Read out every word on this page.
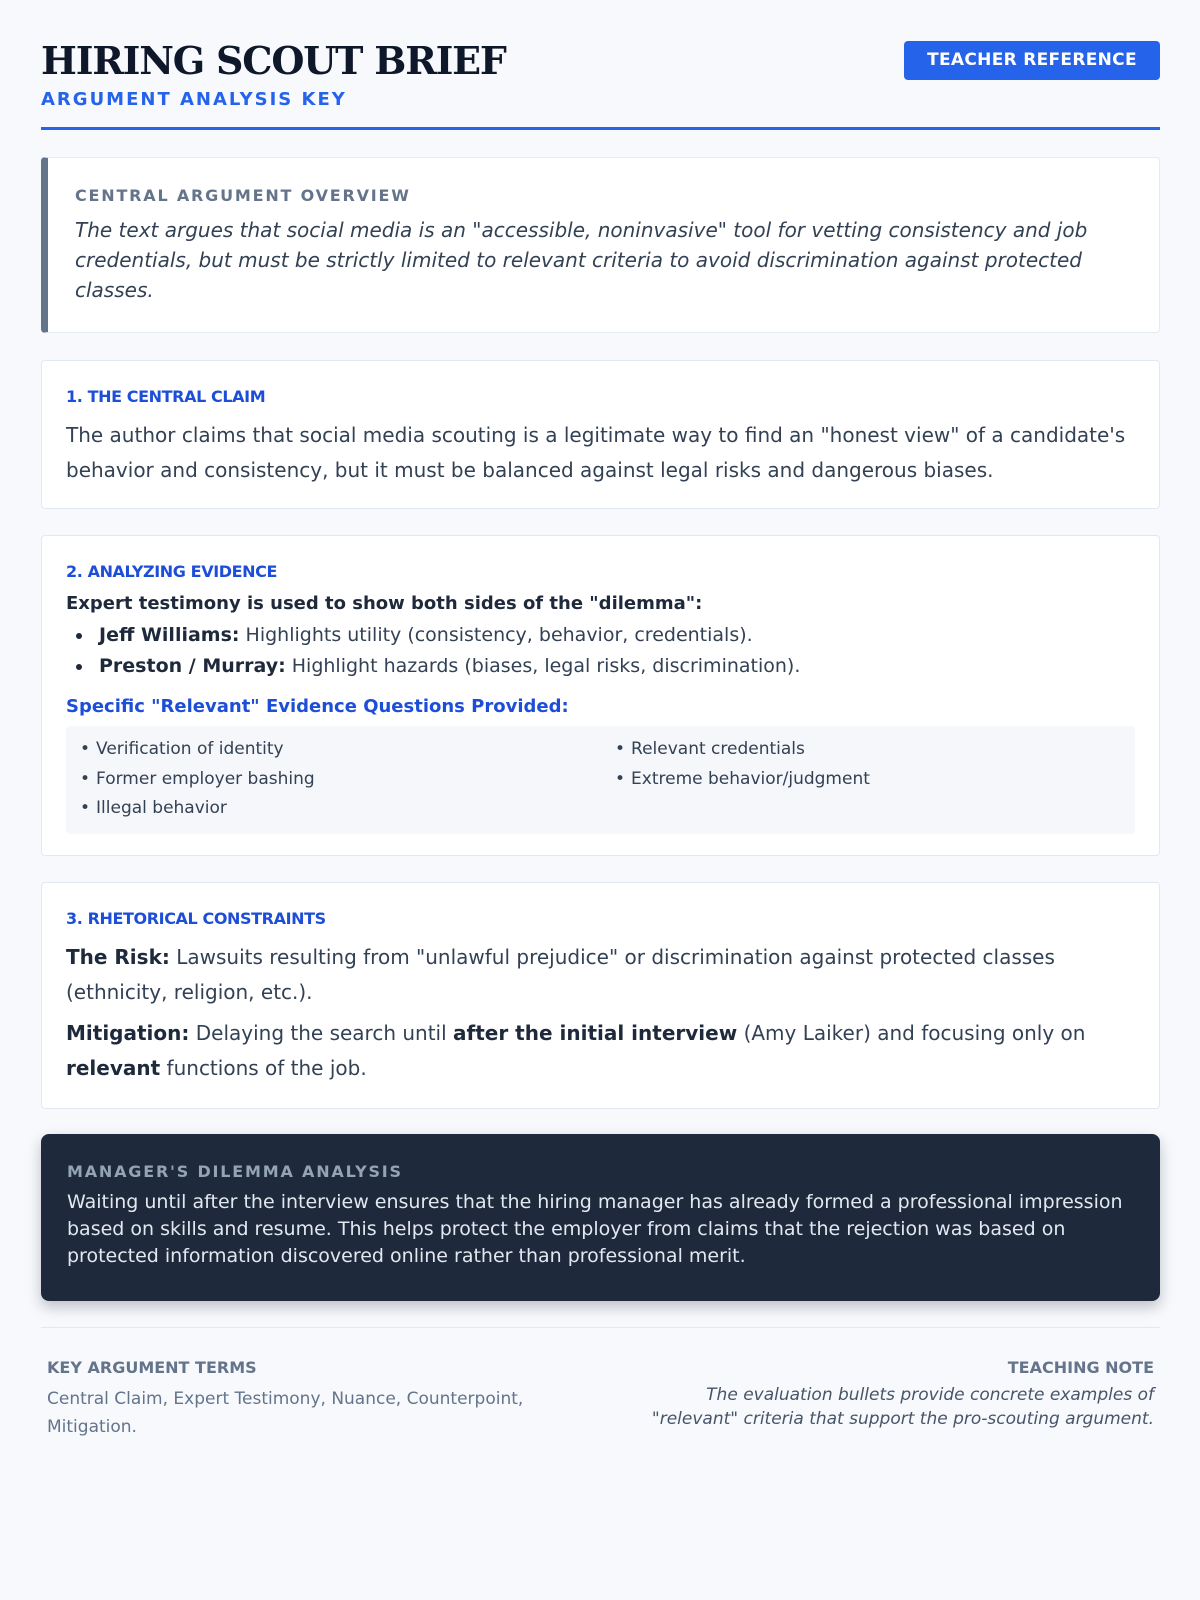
HIRING SCOUT BRIEF
ARGUMENT ANALYSIS KEY
TEACHER REFERENCE
CENTRAL ARGUMENT OVERVIEW
The text argues that social media is an "accessible, noninvasive" tool for vetting consistency and job credentials, but must be strictly limited to relevant criteria to avoid discrimination against protected classes.
1. THE CENTRAL CLAIM
The author claims that social media scouting is a legitimate way to find an "honest view" of a candidate's behavior and consistency, but it must be balanced against legal risks and dangerous biases.
2. ANALYZING EVIDENCE
Expert testimony is used to show both sides of the "dilemma":
Jeff Williams: Highlights utility (consistency, behavior, credentials).
Preston / Murray: Highlight hazards (biases, legal risks, discrimination).
Specific "Relevant" Evidence Questions Provided:
• Verification of identity	• Relevant credentials
• Former employer bashing	• Extreme behavior/judgment
• Illegal behavior
3. RHETORICAL CONSTRAINTS
The Risk: Lawsuits resulting from "unlawful prejudice" or discrimination against protected classes (ethnicity, religion, etc.).
Mitigation: Delaying the search until after the initial interview (Amy Laiker) and focusing only on relevant functions of the job.
MANAGER'S DILEMMA ANALYSIS
Waiting until after the interview ensures that the hiring manager has already formed a professional impression based on skills and resume. This helps protect the employer from claims that the rejection was based on protected information discovered online rather than professional merit.
KEY ARGUMENT TERMS
Central Claim, Expert Testimony, Nuance, Counterpoint, Mitigation.
TEACHING NOTE
The evaluation bullets provide concrete examples of "relevant" criteria that support the pro-scouting argument.
